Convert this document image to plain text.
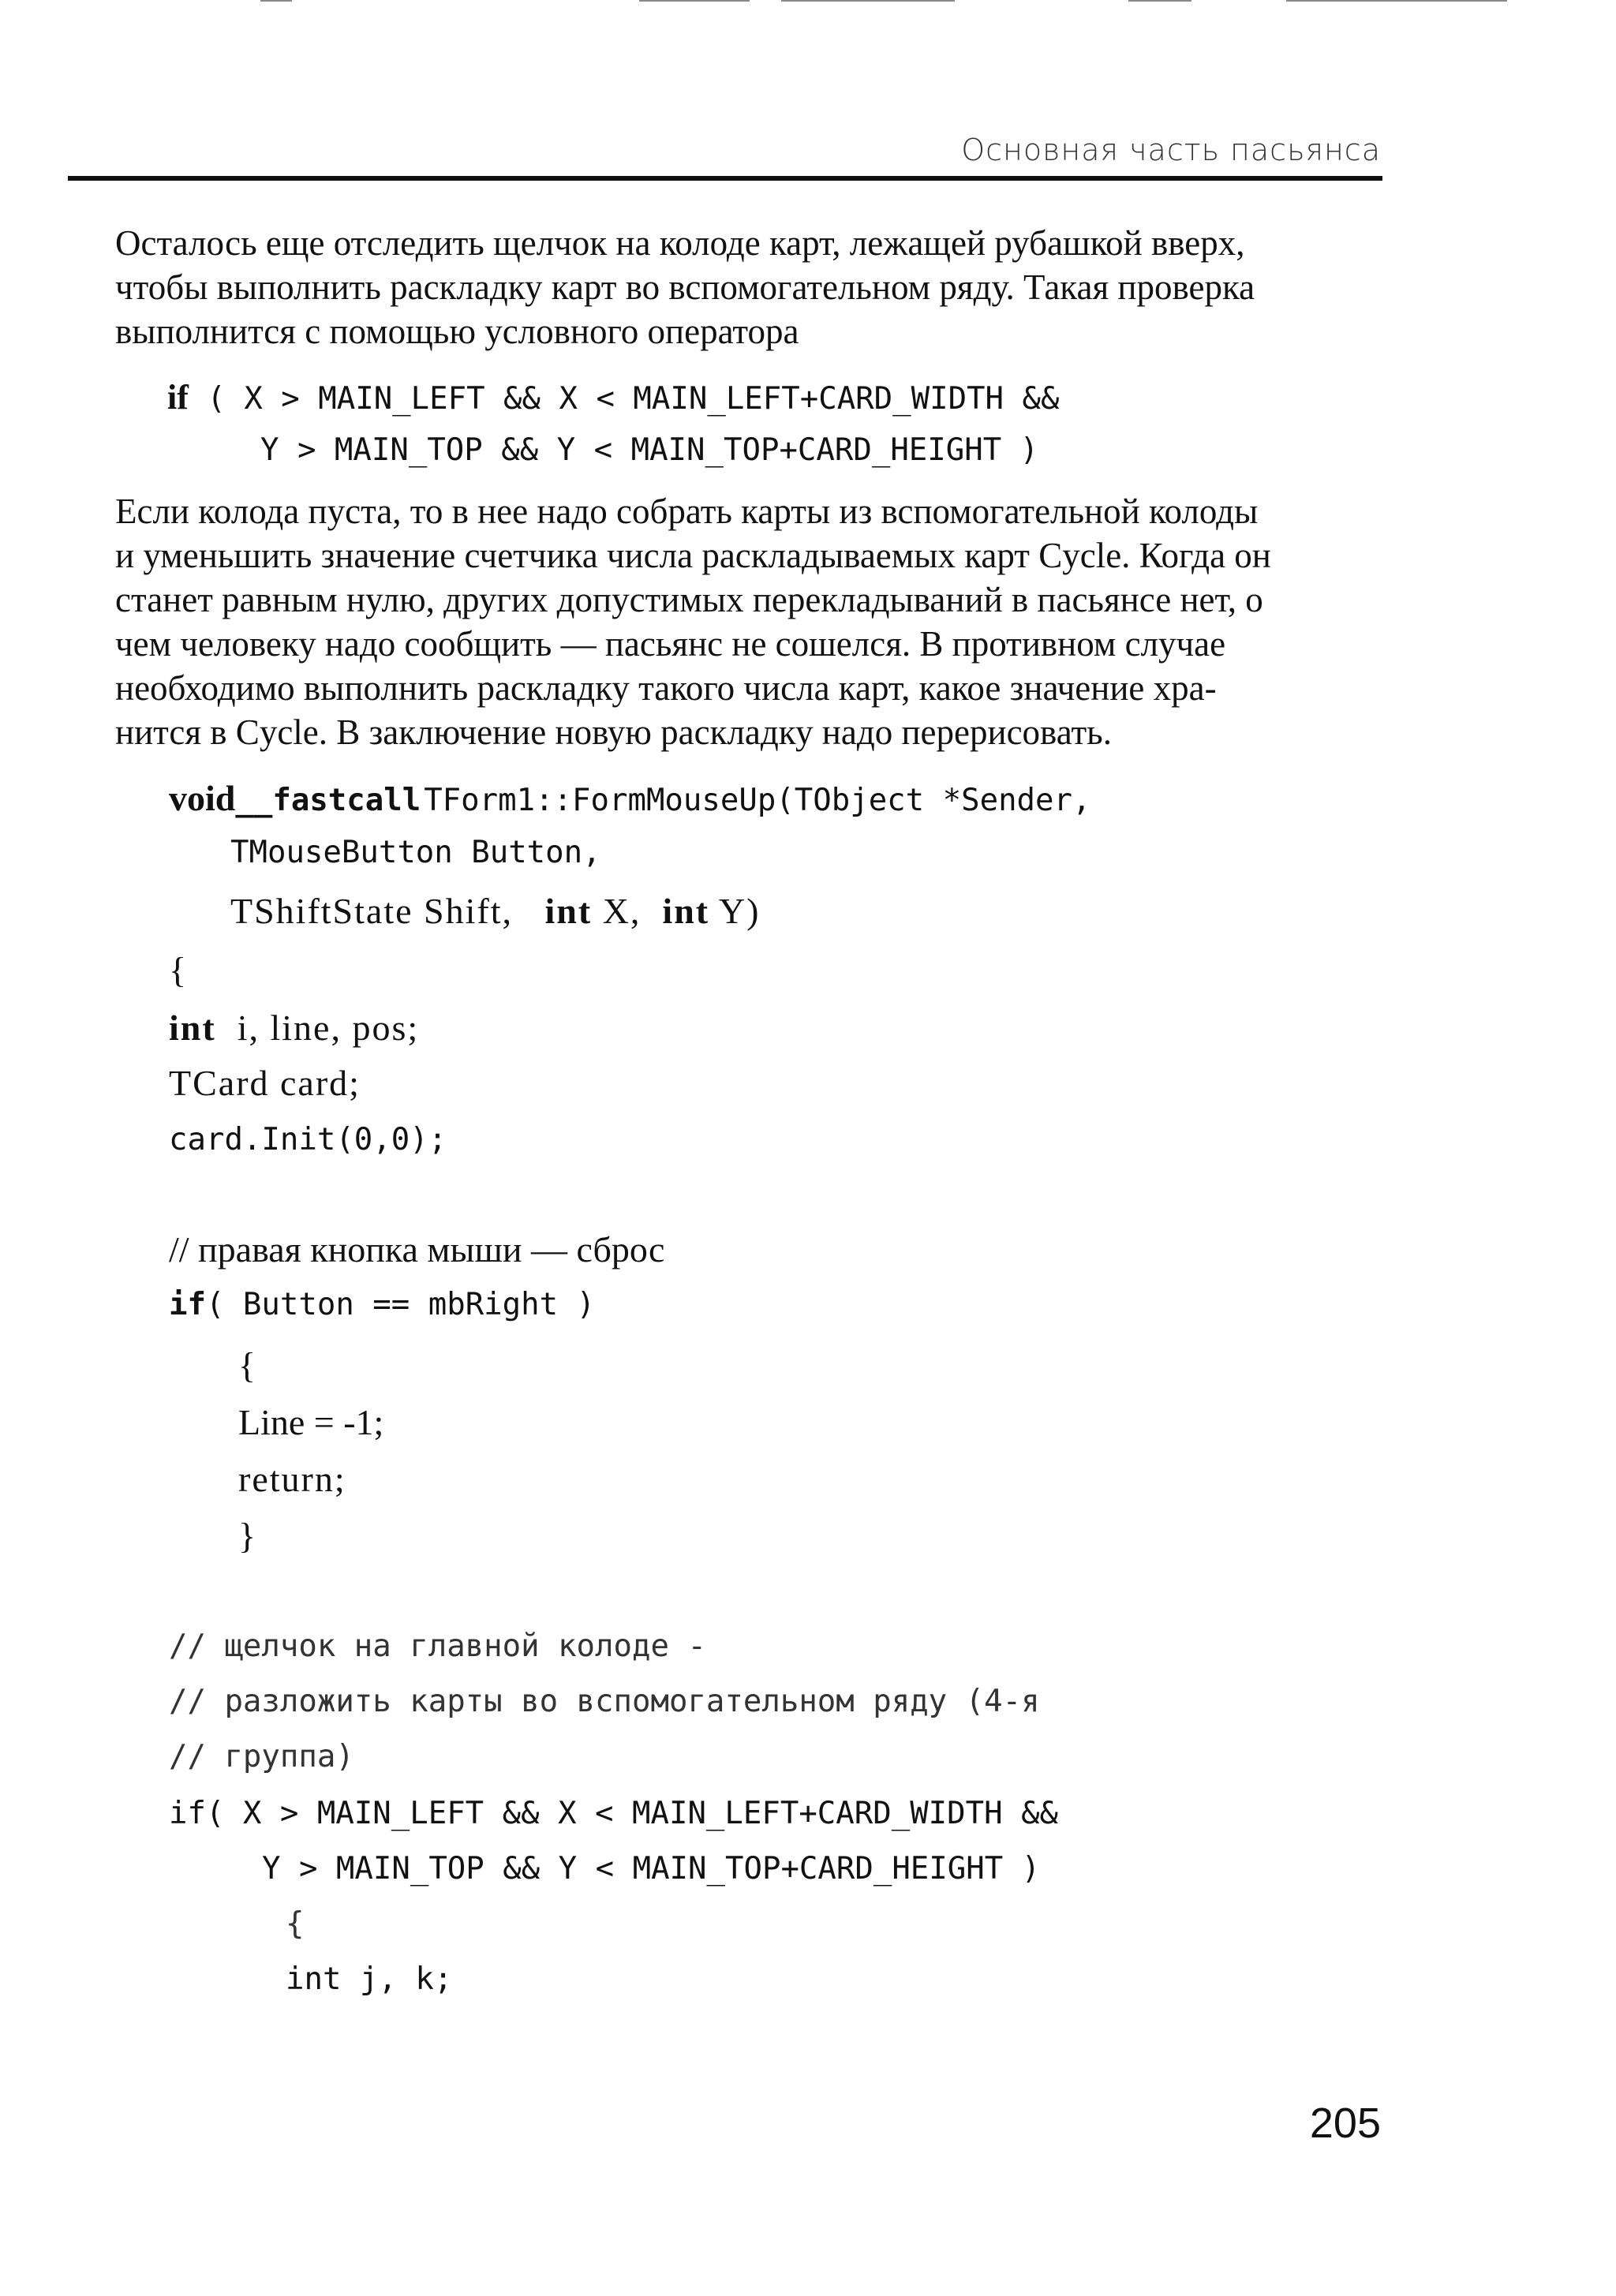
Основная часть пасьянса
Осталось еще отследить щелчок на колоде карт, лежащей рубашкой вверх,
чтобы выполнить раскладку карт во вспомогательном ряду. Такая проверка
выполнится с помощью условного оператора
if ( X > MAIN_LEFT && X < MAIN_LEFT+CARD_WIDTH &&
Y > MAIN_TOP && Y < MAIN_TOP+CARD_HEIGHT )
Если колода пуста, то в нее надо собрать карты из вспомогательной колоды
и уменьшить значение счетчика числа раскладываемых карт Cycle. Когда он
станет равным нулю, других допустимых перекладываний в пасьянсе нет, о
чем человеку надо сообщить — пасьянс не сошелся. В противном случае
необходимо выполнить раскладку такого числа карт, какое значение хра-
нится в Cycle. В заключение новую раскладку надо перерисовать.
void__fastcall TForm1::FormMouseUp(TObject *Sender,
TMouseButton Button,
TShiftState Shift, int X, int Y)
{
int i, line, pos;
TCard card;
card.Init(0,0);
// правая кнопка мыши — сброс
if( Button == mbRight )
{
Line = -1;
return;
}
// щелчок на главной колоде -
// разложить карты во вспомогательном ряду (4-я
// группа)
if( X > MAIN_LEFT && X < MAIN_LEFT+CARD_WIDTH &&
Y > MAIN_TOP && Y < MAIN_TOP+CARD_HEIGHT )
{
int j, k;
205
